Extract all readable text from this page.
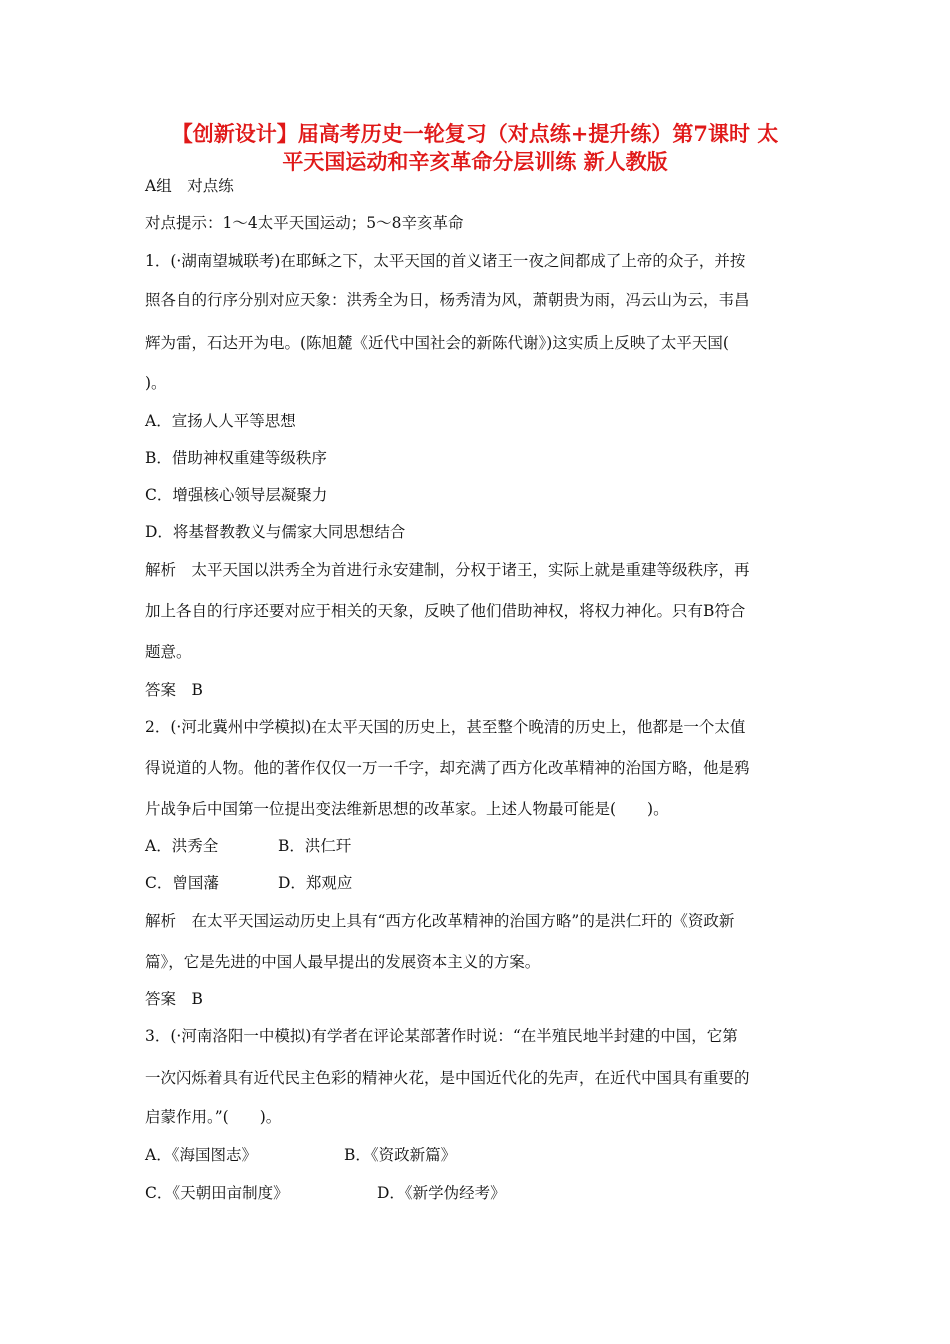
【创新设计】届高考历史一轮复习（对点练+提升练）第7课时 太
平天国运动和辛亥革命分层训练 新人教版
A组　对点练
对点提示：1～4太平天国运动；5～8辛亥革命
1．(·湖南望城联考)在耶稣之下，太平天国的首义诸王一夜之间都成了上帝的众子，并按
照各自的行序分别对应天象：洪秀全为日，杨秀清为风，萧朝贵为雨，冯云山为云，韦昌
辉为雷，石达开为电。(陈旭麓《近代中国社会的新陈代谢》)这实质上反映了太平天国(
)。
A．宣扬人人平等思想
B．借助神权重建等级秩序
C．增强核心领导层凝聚力
D．将基督教教义与儒家大同思想结合
解析　太平天国以洪秀全为首进行永安建制，分权于诸王，实际上就是重建等级秩序，再
加上各自的行序还要对应于相关的天象，反映了他们借助神权，将权力神化。只有B符合
题意。
答案　B
2．(·河北冀州中学模拟)在太平天国的历史上，甚至整个晚清的历史上，他都是一个太值
得说道的人物。他的著作仅仅一万一千字，却充满了西方化改革精神的治国方略，他是鸦
片战争后中国第一位提出变法维新思想的改革家。上述人物最可能是(　　)。
A．洪秀全	B．洪仁玕
C．曾国藩	D．郑观应
解析　在太平天国运动历史上具有“西方化改革精神的治国方略”的是洪仁玕的《资政新
篇》，它是先进的中国人最早提出的发展资本主义的方案。
答案　B
3．(·河南洛阳一中模拟)有学者在评论某部著作时说：“在半殖民地半封建的中国，它第
一次闪烁着具有近代民主色彩的精神火花，是中国近代化的先声，在近代中国具有重要的
启蒙作用。”(　　)。
A．《海国图志》	B．《资政新篇》
C．《天朝田亩制度》	D．《新学伪经考》
